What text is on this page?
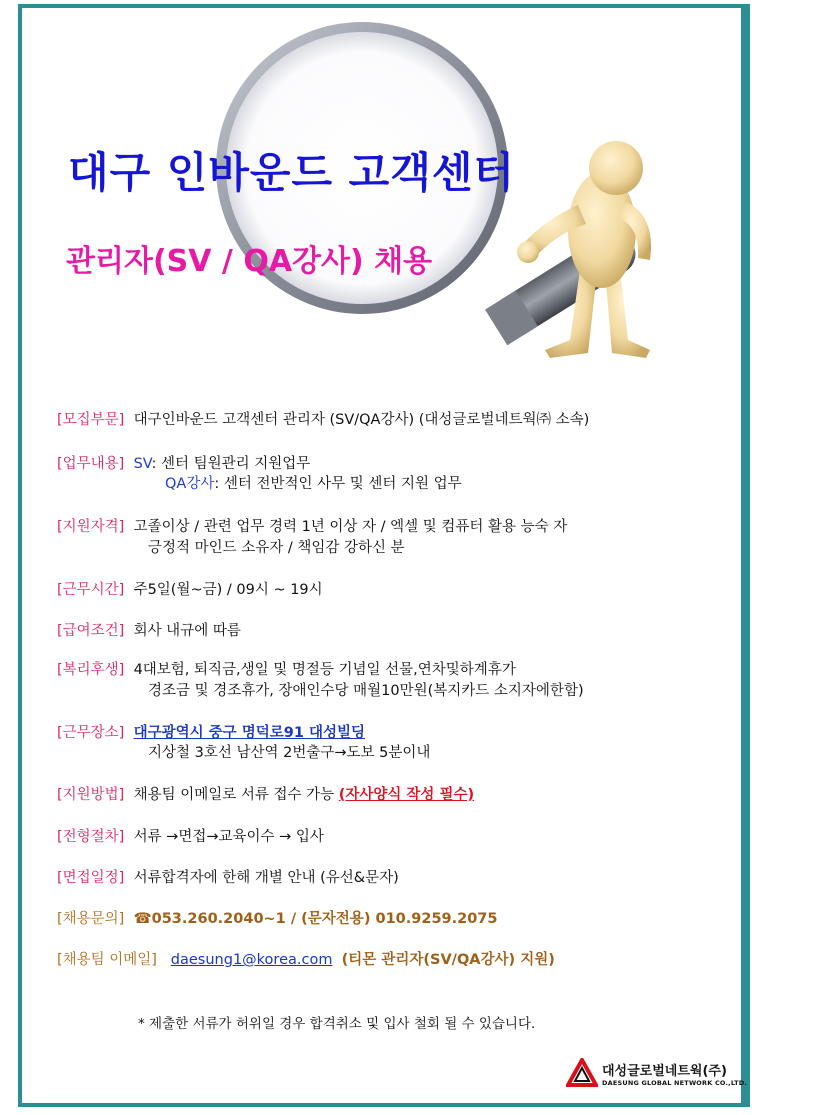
대구 인바운드 고객센터
관리자(SV / QA강사) 채용
[모집부문] 대구인바운드 고객센터 관리자 (SV/QA강사) (대성글로벌네트웍㈜ 소속)
[업무내용] SV: 센터 팀원관리 지원업무
QA강사: 센터 전반적인 사무 및 센터 지원 업무
[지원자격] 고졸이상 / 관련 업무 경력 1년 이상 자 / 엑셀 및 컴퓨터 활용 능숙 자
긍정적 마인드 소유자 / 책임감 강하신 분
[근무시간] 주5일(월~금) / 09시 ~ 19시
[급여조건] 회사 내규에 따름
[복리후생] 4대보험, 퇴직금,생일 및 명절등 기념일 선물,연차및하계휴가
경조금 및 경조휴가, 장애인수당 매월10만원(복지카드 소지자에한함)
[근무장소] 대구광역시 중구 명덕로91 대성빌딩
지상철 3호선 남산역 2번출구→도보 5분이내
[지원방법] 채용팀 이메일로 서류 접수 가능 (자사양식 작성 필수)
[전형절차] 서류 →면접→교육이수 → 입사
[면접일정] 서류합격자에 한해 개별 안내 (유선&문자)
[채용문의] ☎053.260.2040~1 / (문자전용) 010.9259.2075
[채용팀 이메일] daesung1@korea.com (티몬 관리자(SV/QA강사) 지원)
* 제출한 서류가 허위일 경우 합격취소 및 입사 철회 될 수 있습니다.
대성글로벌네트웍(주)
DAESUNG GLOBAL NETWORK CO.,LTD.
